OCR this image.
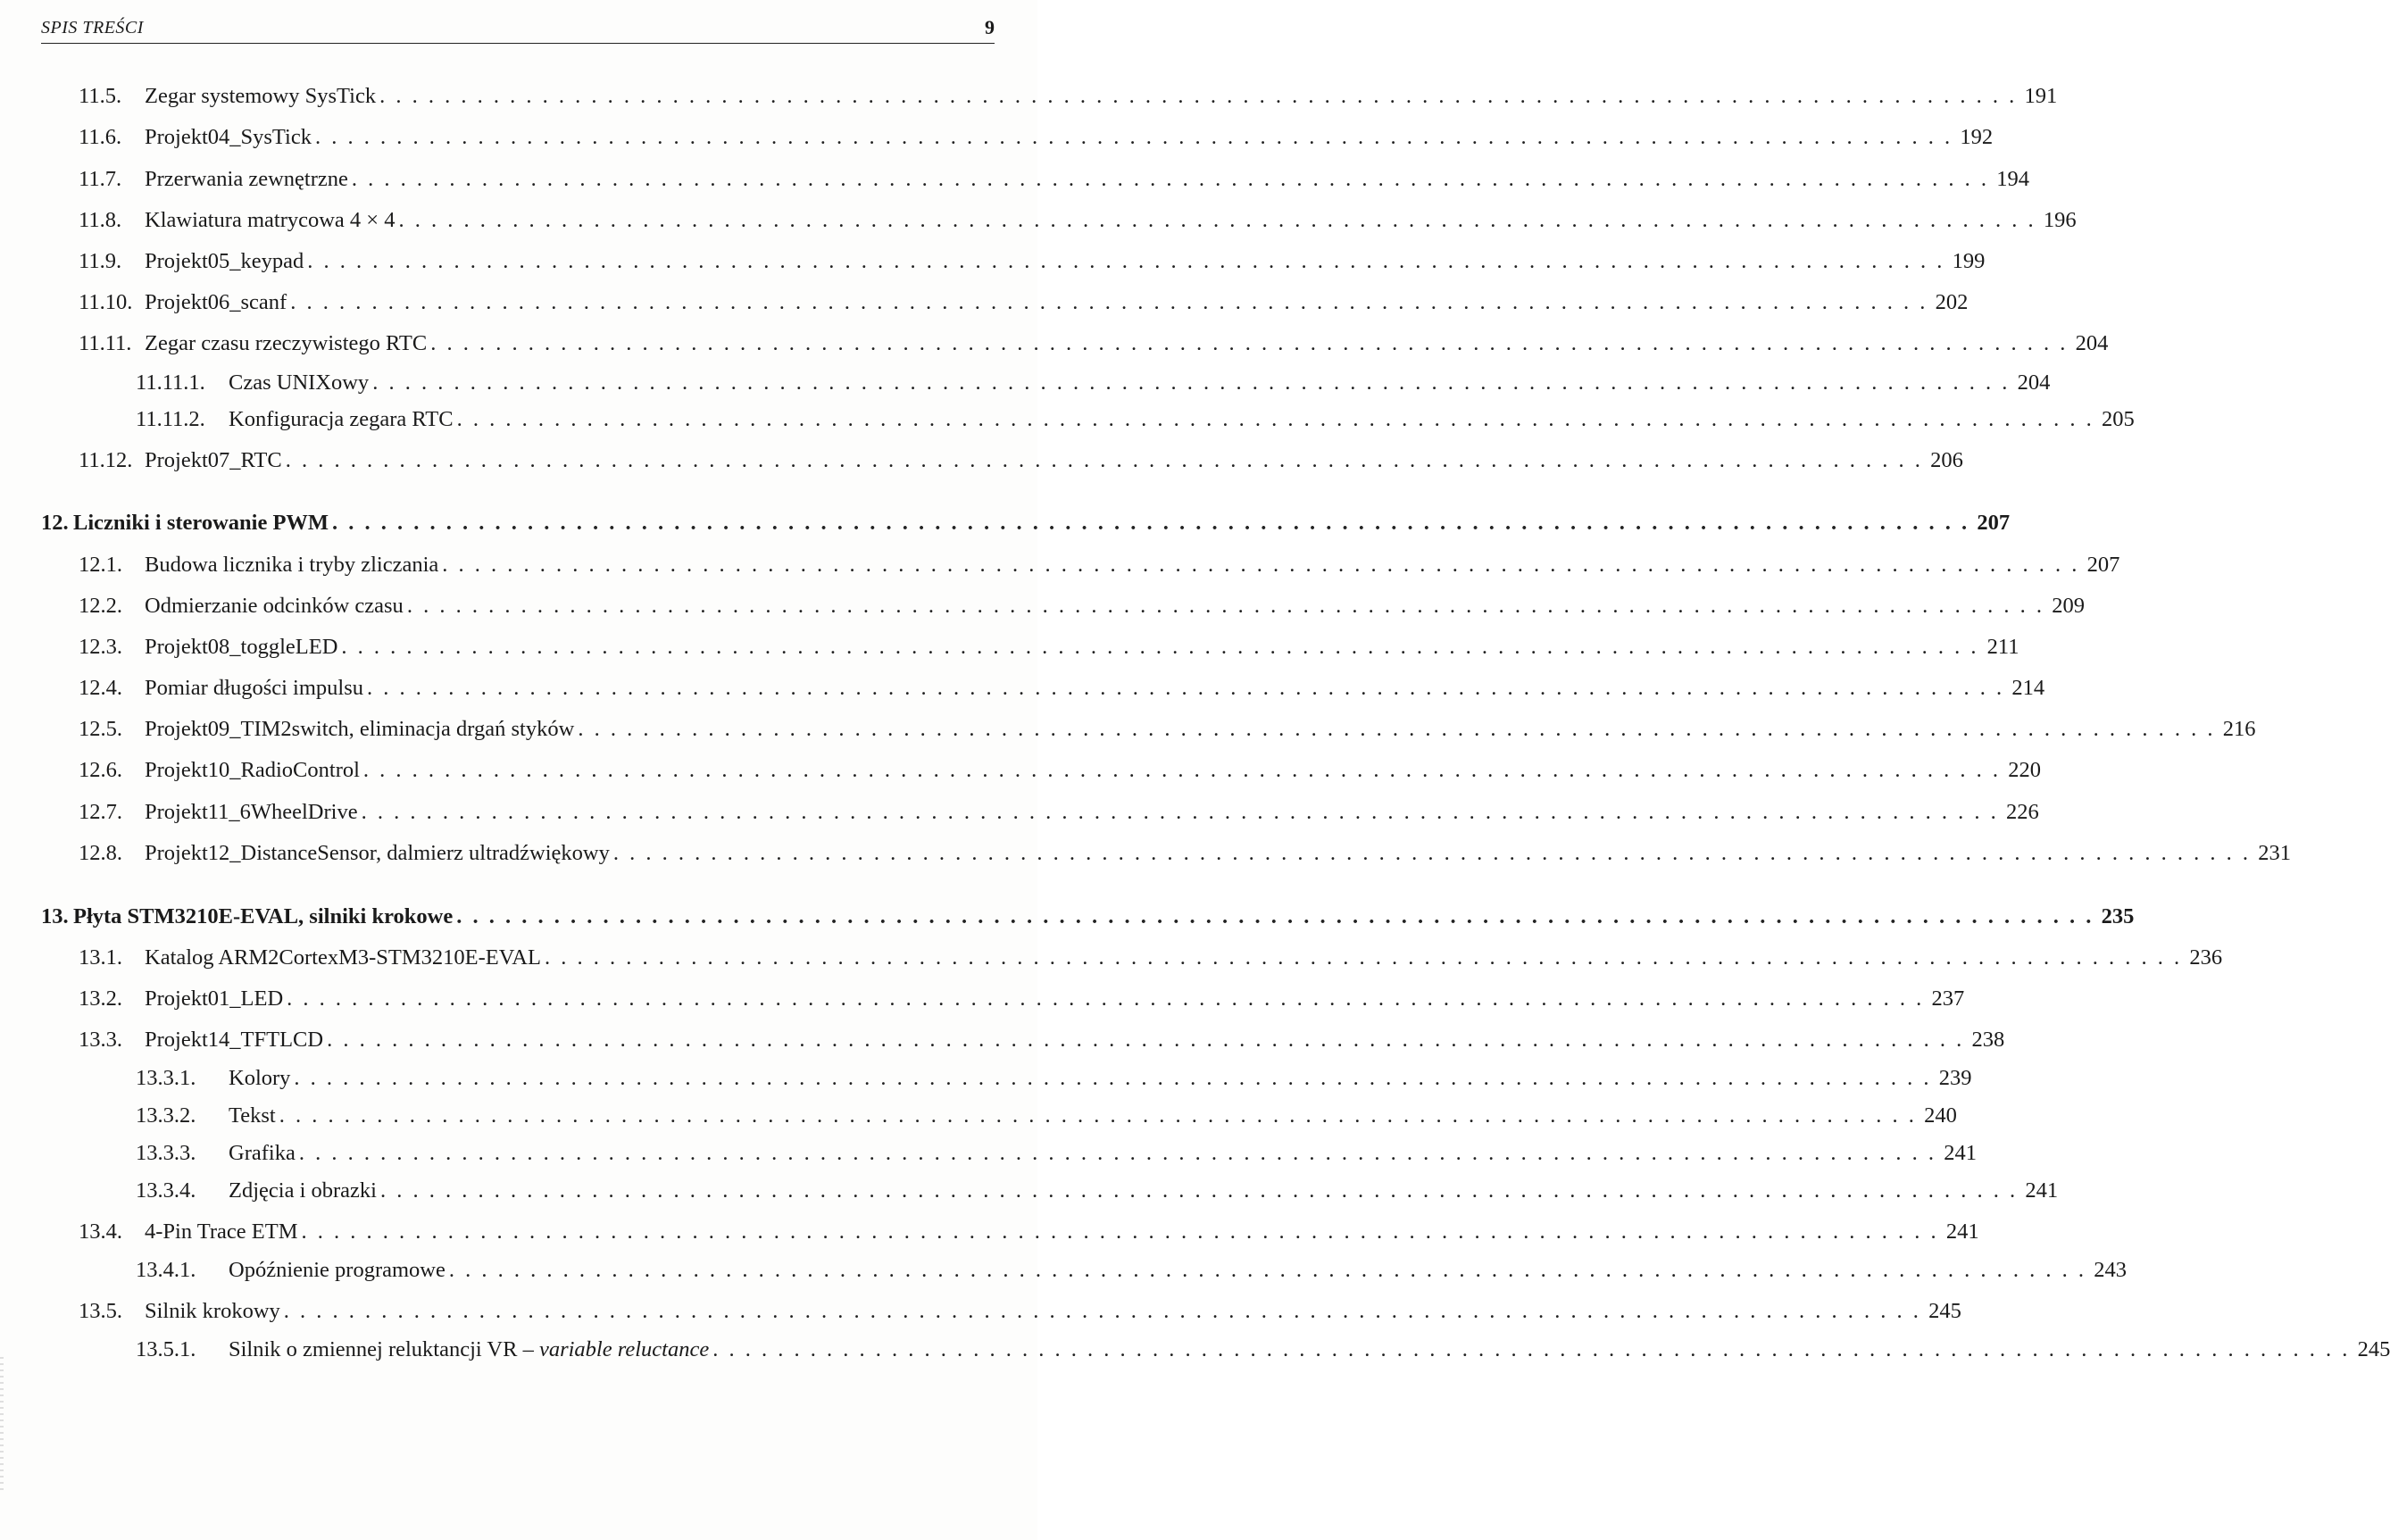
SPIS TREŚCI	9
11.5.	Zegar systemowy SysTick . . .	191
11.6.	Projekt04_SysTick . . .	192
11.7.	Przerwania zewnętrzne . . .	194
11.8.	Klawiatura matrycowa 4 × 4 . . .	196
11.9.	Projekt05_keypad . . .	199
11.10. Projekt06_scanf . . .	202
11.11. Zegar czasu rzeczywistego RTC . . .	204
11.11.1.	Czas UNIXowy . . .	204
11.11.2.	Konfiguracja zegara RTC . . .	205
11.12. Projekt07_RTC . . .	206
12. Liczniki i sterowanie PWM . . .	207
12.1.	Budowa licznika i tryby zliczania . . .	207
12.2.	Odmierzanie odcinków czasu . . .	209
12.3.	Projekt08_toggleLED . . .	211
12.4.	Pomiar długości impulsu . . .	214
12.5.	Projekt09_TIM2switch, eliminacja drgań styków . . .	216
12.6.	Projekt10_RadioControl . . .	220
12.7.	Projekt11_6WheelDrive . . .	226
12.8.	Projekt12_DistanceSensor, dalmierz ultradźwiękowy . . .	231
13. Płyta STM3210E-EVAL, silniki krokowe . . .	235
13.1.	Katalog ARM2CortexM3-STM3210E-EVAL . . .	236
13.2.	Projekt01_LED . . .	237
13.3.	Projekt14_TFTLCD . . .	238
13.3.1.	Kolory . . .	239
13.3.2.	Tekst . . .	240
13.3.3.	Grafika . . .	241
13.3.4.	Zdjęcia i obrazki . . .	241
13.4.	4-Pin Trace ETM . . .	241
13.4.1.	Opóźnienie programowe . . .	243
13.5.	Silnik krokowy . . .	245
13.5.1.	Silnik o zmiennej reluktancji VR – variable reluctance . . .	245
